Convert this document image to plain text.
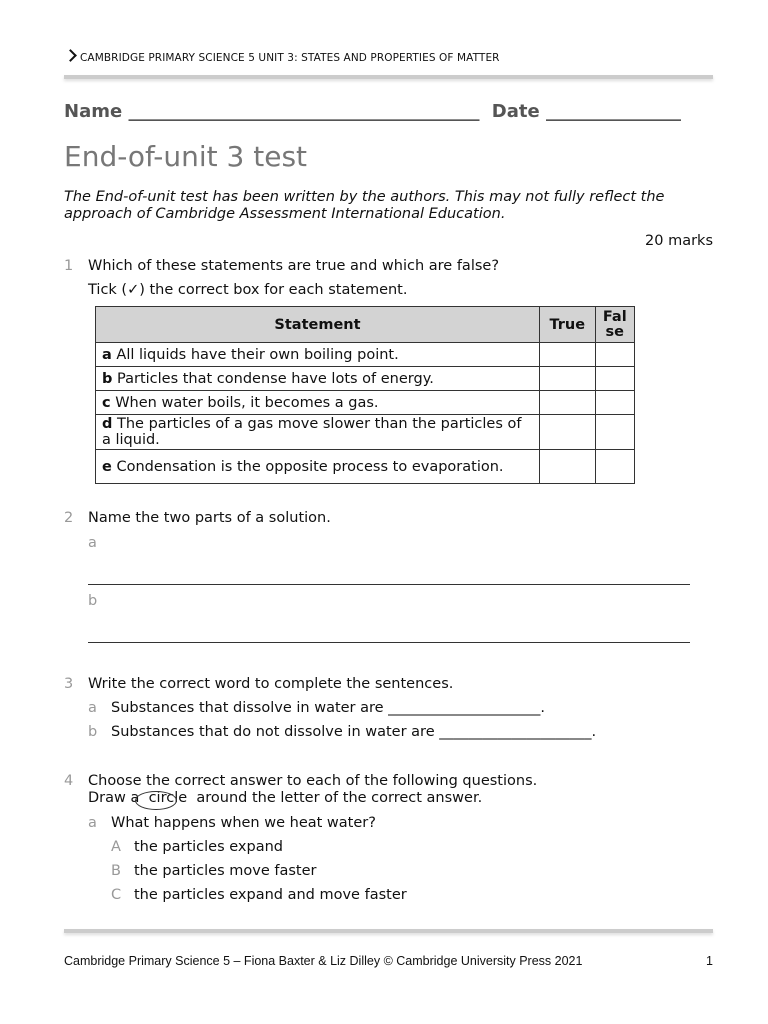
CAMBRIDGE PRIMARY SCIENCE 5 UNIT 3: STATES AND PROPERTIES OF MATTER
Name _______________________________________ Date _______________
End-of-unit 3 test
The End-of-unit test has been written by the authors. This may not fully reflect the approach of Cambridge Assessment International Education.
20 marks
1 Which of these statements are true and which are false?
Tick (✓) the correct box for each statement.
Statement	True	Fal se
a All liquids have their own boiling point.		
b Particles that condense have lots of energy.		
c When water boils, it becomes a gas.		
d The particles of a gas move slower than the particles of a liquid.		
e Condensation is the opposite process to evaporation.		
2 Name the two parts of a solution.
a
b
3 Write the correct word to complete the sentences.
a Substances that dissolve in water are _____________________.
b Substances that do not dissolve in water are _____________________.
4 Choose the correct answer to each of the following questions.
Draw a  circle  around the letter of the correct answer.
a What happens when we heat water?
A the particles expand
B the particles move faster
C the particles expand and move faster
Cambridge Primary Science 5 – Fiona Baxter & Liz Dilley © Cambridge University Press 2021	1
